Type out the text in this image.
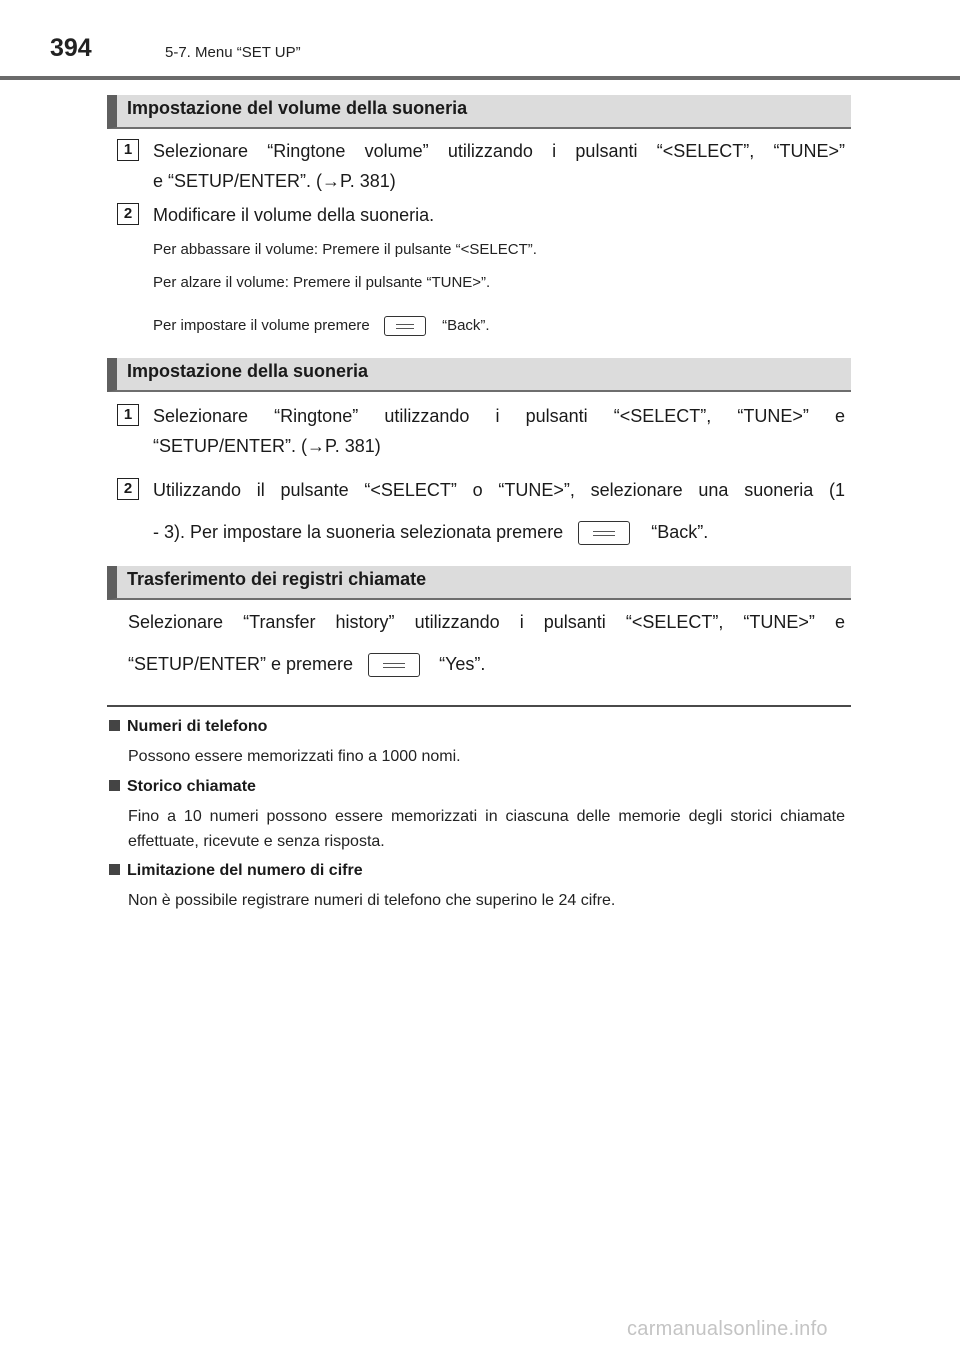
394	5-7. Menu “SET UP”
Impostazione del volume della suoneria
1	Selezionare “Ringtone volume” utilizzando i pulsanti “<SELECT”, “TUNE>”
e “SETUP/ENTER”. (→P. 381)
2	Modificare il volume della suoneria.
Per abbassare il volume: Premere il pulsante “<SELECT”.
Per alzare il volume: Premere il pulsante “TUNE>”.
Per impostare il volume premere	“Back”.
Impostazione della suoneria
1	Selezionare “Ringtone” utilizzando i pulsanti “<SELECT”, “TUNE>” e
“SETUP/ENTER”. (→P. 381)
2	Utilizzando il pulsante “<SELECT” o “TUNE>”, selezionare una suoneria (1
- 3). Per impostare la suoneria selezionata premere	“Back”.
Trasferimento dei registri chiamate
Selezionare “Transfer history” utilizzando i pulsanti “<SELECT”, “TUNE>” e
“SETUP/ENTER” e premere	“Yes”.
Numeri di telefono
Possono essere memorizzati fino a 1000 nomi.
Storico chiamate
Fino a 10 numeri possono essere memorizzati in ciascuna delle memorie degli storici chiamate effettuate, ricevute e senza risposta.
Limitazione del numero di cifre
Non è possibile registrare numeri di telefono che superino le 24 cifre.
carmanualsonline.info
